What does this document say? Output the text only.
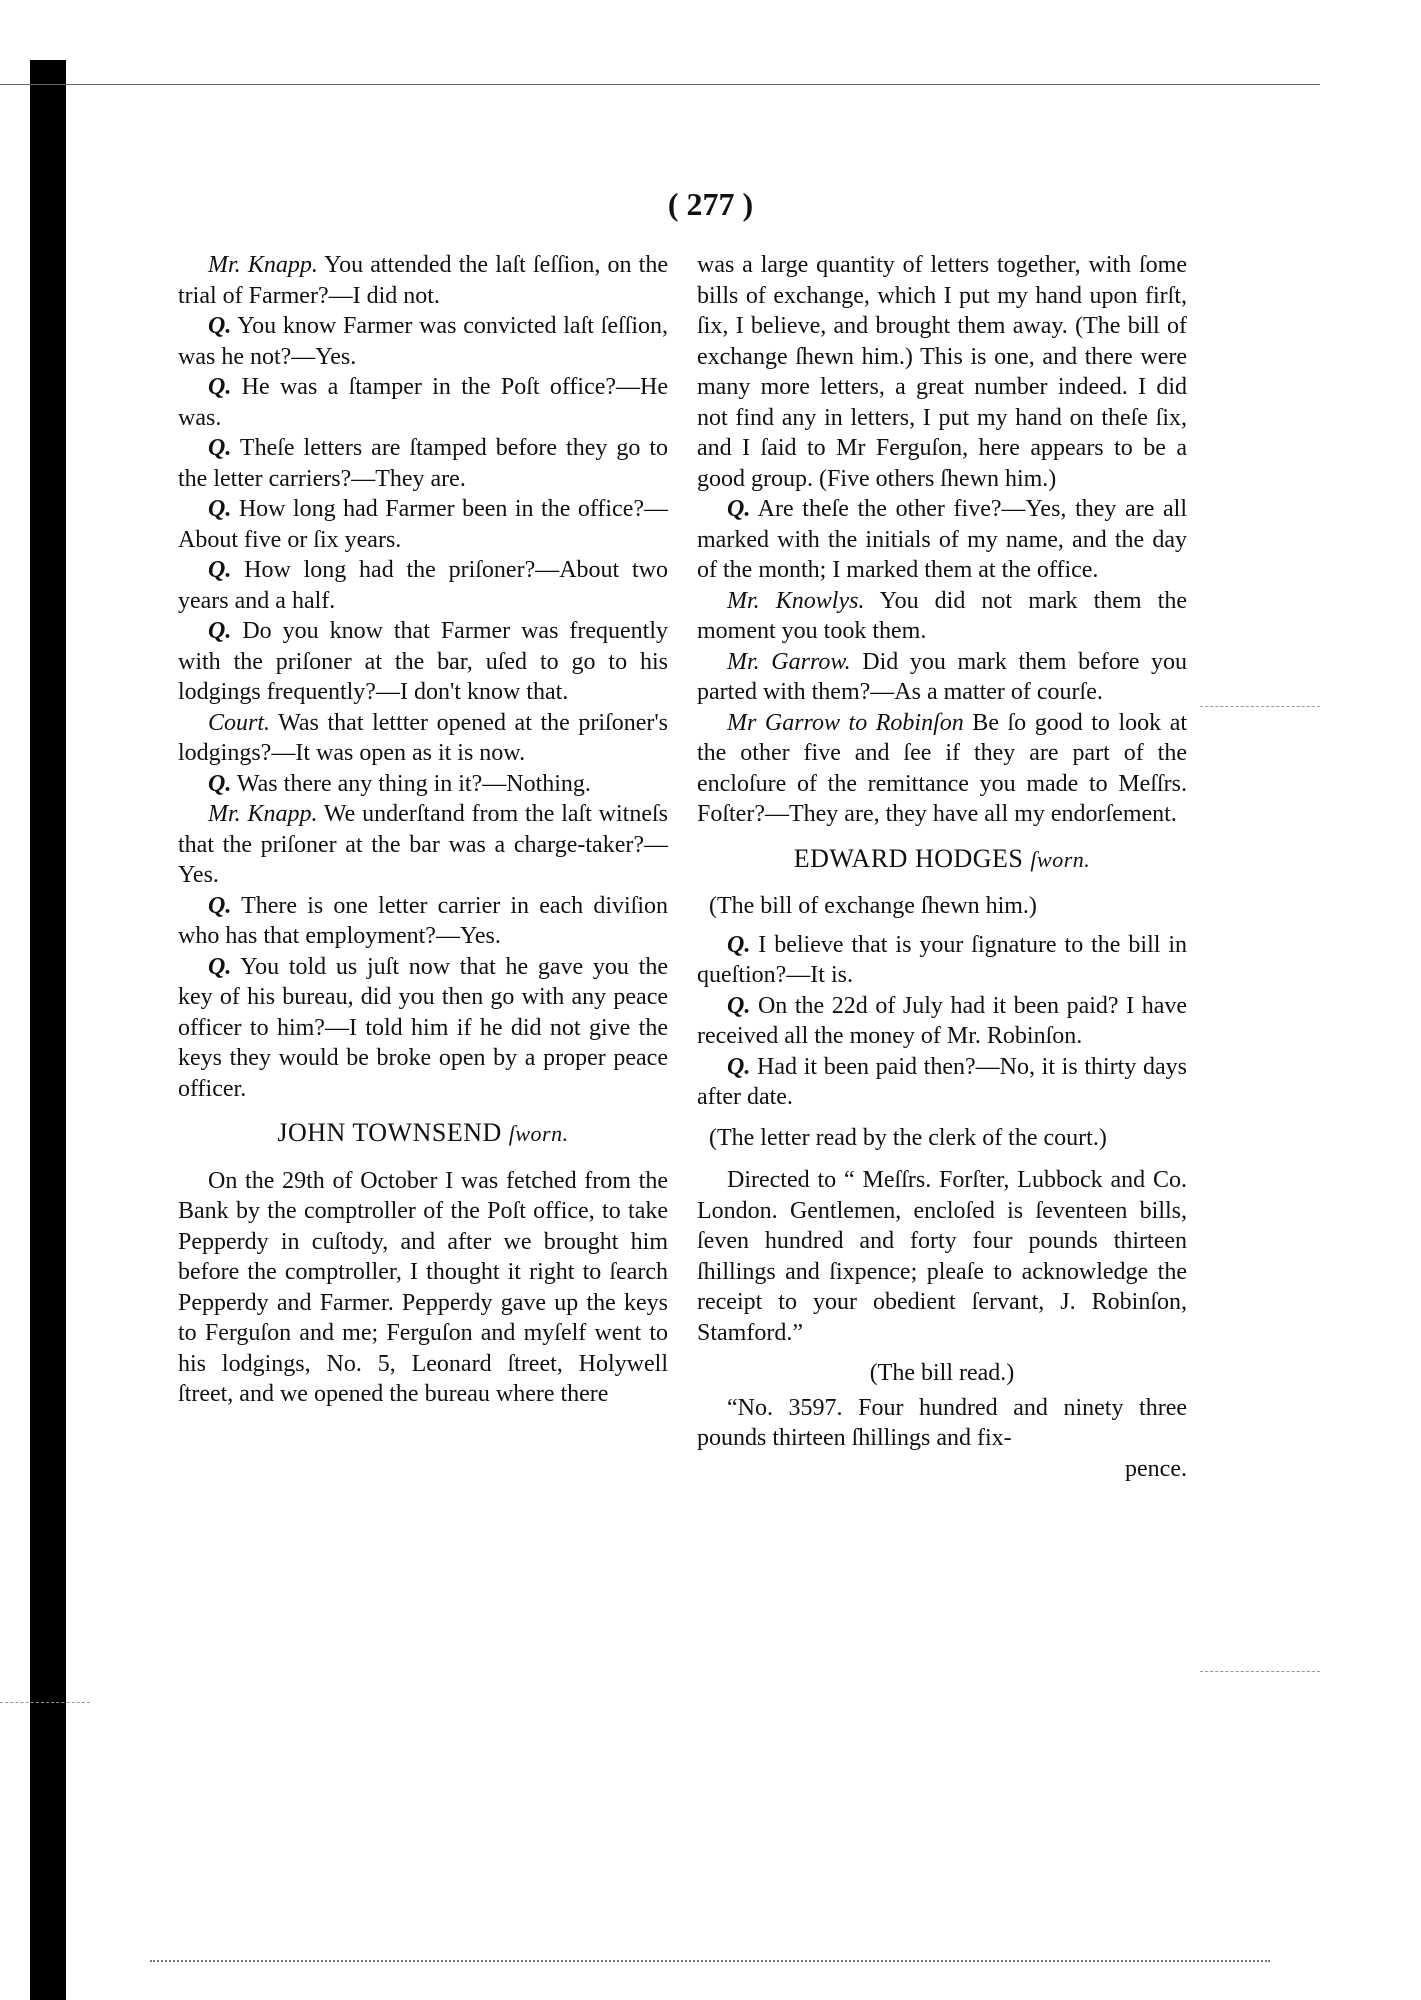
( 277 )

Mr. Knapp. You attended the laſt ſeſſion, on the trial of Farmer?—I did not.

Q. You know Farmer was convicted laſt ſeſſion, was he not?—Yes.

Q. He was a ſtamper in the Poſt office?—He was.

Q. Theſe letters are ſtamped before they go to the letter carriers?—They are.

Q. How long had Farmer been in the office?—About five or ſix years.

Q. How long had the priſoner?—About two years and a half.

Q. Do you know that Farmer was frequently with the priſoner at the bar, uſed to go to his lodgings frequently?—I don't know that.

Court. Was that lettter opened at the priſoner's lodgings?—It was open as it is now.

Q. Was there any thing in it?—Nothing.

Mr. Knapp. We underſtand from the laſt witneſs that the priſoner at the bar was a charge-taker?—Yes.

Q. There is one letter carrier in each diviſion who has that employment?—Yes.

Q. You told us juſt now that he gave you the key of his bureau, did you then go with any peace officer to him?—I told him if he did not give the keys they would be broke open by a proper peace officer.

JOHN TOWNSEND ſworn.

On the 29th of October I was fetched from the Bank by the comptroller of the Poſt office, to take Pepperdy in cuſtody, and after we brought him before the comptroller, I thought it right to ſearch Pepperdy and Farmer. Pepperdy gave up the keys to Ferguſon and me; Ferguſon and myſelf went to his lodgings, No. 5, Leonard ſtreet, Holywell ſtreet, and we opened the bureau where there

was a large quantity of letters together, with ſome bills of exchange, which I put my hand upon firſt, ſix, I believe, and brought them away. (The bill of exchange ſhewn him.) This is one, and there were many more letters, a great number indeed. I did not find any in letters, I put my hand on theſe ſix, and I ſaid to Mr Ferguſon, here appears to be a good group. (Five others ſhewn him.)

Q. Are theſe the other five?—Yes, they are all marked with the initials of my name, and the day of the month; I marked them at the office.

Mr. Knowlys. You did not mark them the moment you took them.

Mr. Garrow. Did you mark them before you parted with them?—As a matter of courſe.

Mr Garrow to Robinſon Be ſo good to look at the other five and ſee if they are part of the encloſure of the remittance you made to Meſſrs. Foſter?—They are, they have all my endorſement.

EDWARD HODGES ſworn.

(The bill of exchange ſhewn him.)

Q. I believe that is your ſignature to the bill in queſtion?—It is.

Q. On the 22d of July had it been paid? I have received all the money of Mr. Robinſon.

Q. Had it been paid then?—No, it is thirty days after date.

(The letter read by the clerk of the court.)

Directed to “ Meſſrs. Forſter, Lubbock and Co. London. Gentlemen, encloſed is ſeventeen bills, ſeven hundred and forty four pounds thirteen ſhillings and ſixpence; pleaſe to acknowledge the receipt to your obedient ſervant, J. Robinſon, Stamford.”

(The bill read.)

“No. 3597. Four hundred and ninety three pounds thirteen ſhillings and fix-

pence.
